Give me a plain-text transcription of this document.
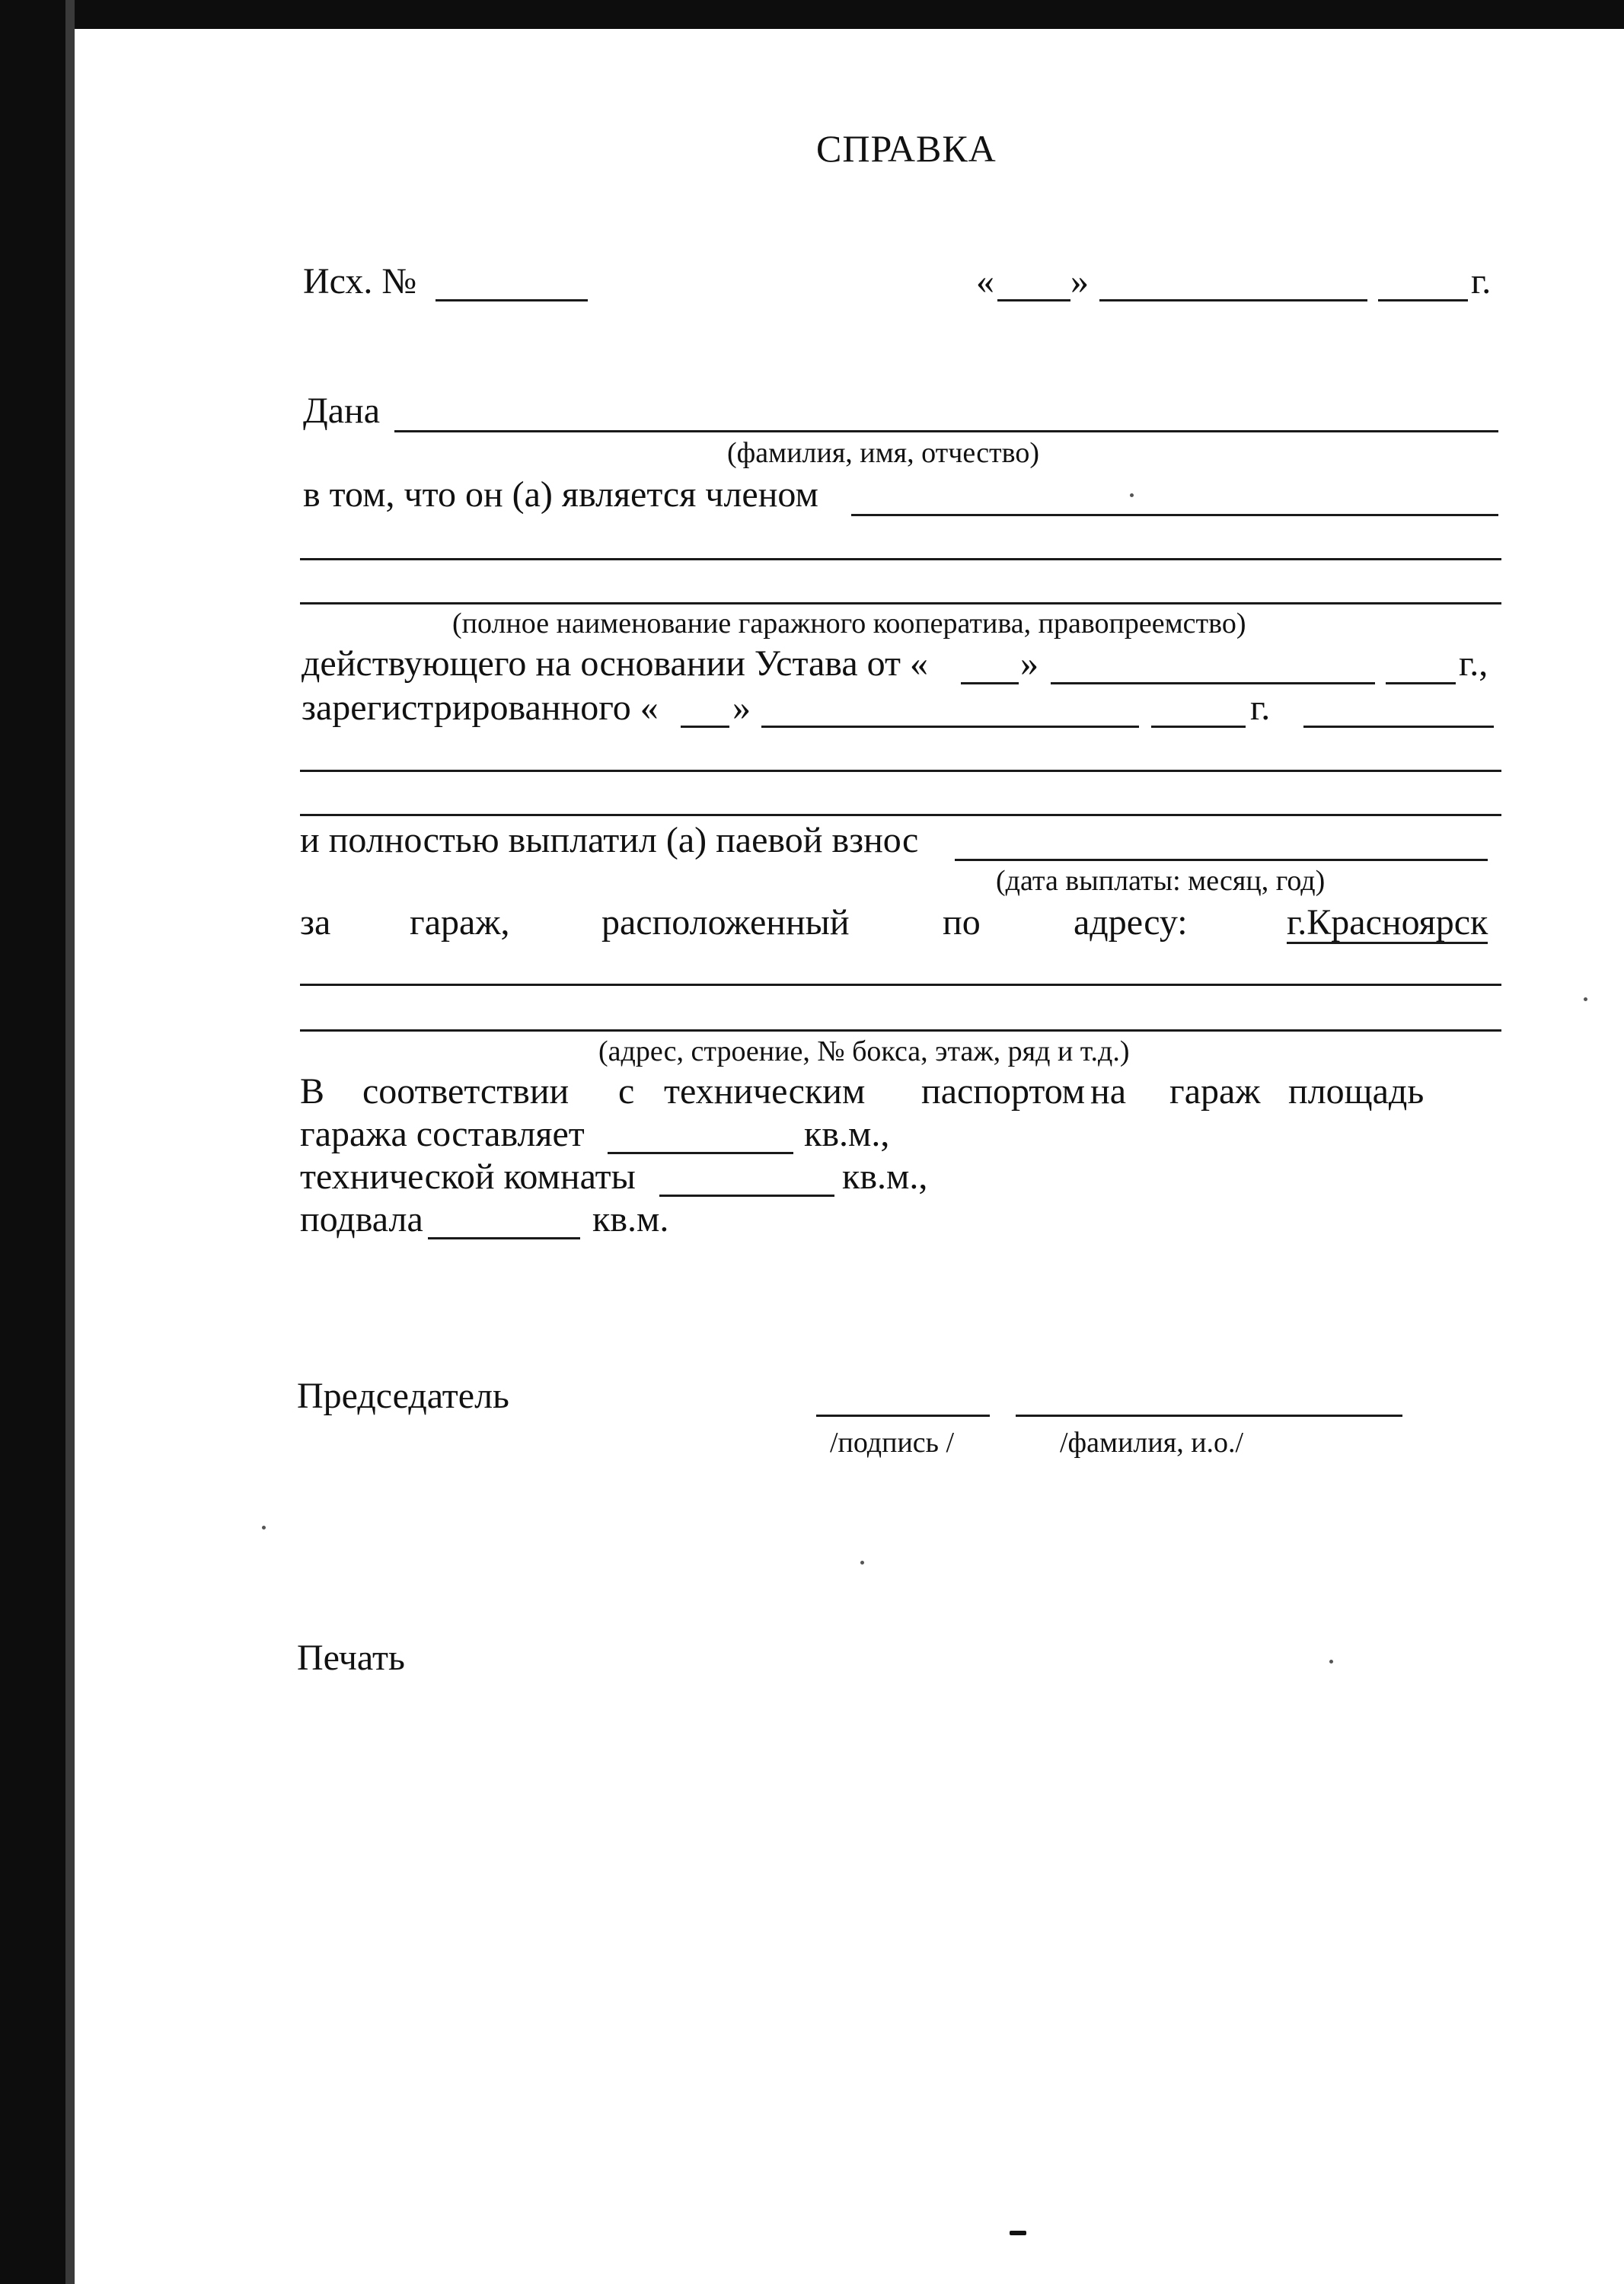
СПРАВКА
Исх. №	« »	г.
Дана
(фамилия, имя, отчество)
в том, что он (а) является членом
(полное наименование гаражного кооператива, правопреемство)
действующего на основании Устава от «	»	г.,
зарегистрированного « »	г.
и полностью выплатил (а) паевой взнос
(дата выплаты: месяц, год)
за гараж,	расположенный	по	адресу:	г.Красноярск
(адрес, строение, № бокса, этаж, ряд и т.д.)
В соответствии с техническим паспортом на гараж площадь
гаража составляет	кв.м.,
технической комнаты	кв.м.,
подвала	кв.м.
Председатель
/подпись /	/фамилия, и.о./
Печать
